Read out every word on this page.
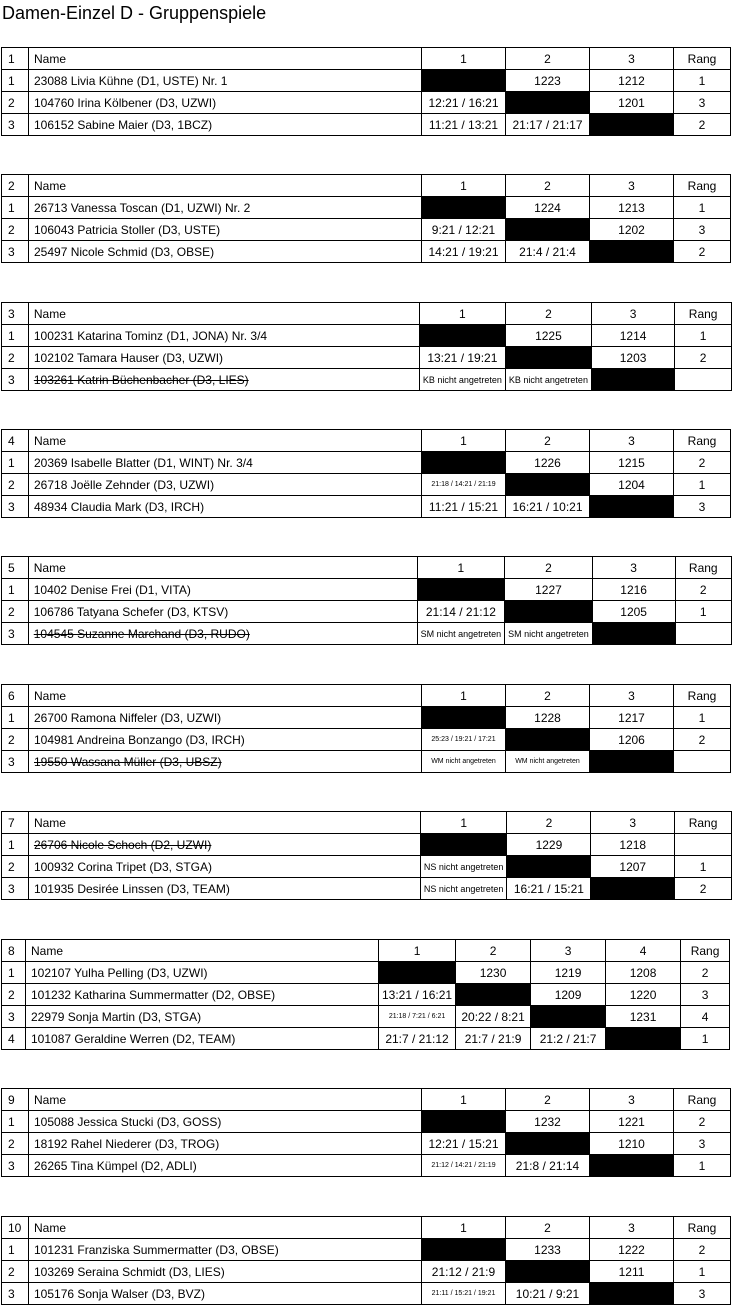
Damen-Einzel D - Gruppenspiele
1	Name	1	2	3	Rang
1	23088 Livia Kühne (D1, USTE) Nr. 1		1223	1212	1
2	104760 Irina Kölbener (D3, UZWI)	12:21 / 16:21		1201	3
3	106152 Sabine Maier (D3, 1BCZ)	11:21 / 13:21	21:17 / 21:17		2
2	Name	1	2	3	Rang
1	26713 Vanessa Toscan (D1, UZWI) Nr. 2		1224	1213	1
2	106043 Patricia Stoller (D3, USTE)	9:21 / 12:21		1202	3
3	25497 Nicole Schmid (D3, OBSE)	14:21 / 19:21	21:4 / 21:4		2
3	Name	1	2	3	Rang
1	100231 Katarina Tominz (D1, JONA) Nr. 3/4		1225	1214	1
2	102102 Tamara Hauser (D3, UZWI)	13:21 / 19:21		1203	2
3	103261 Katrin Büchenbacher (D3, LIES)	KB nicht angetreten	KB nicht angetreten		
4	Name	1	2	3	Rang
1	20369 Isabelle Blatter (D1, WINT) Nr. 3/4		1226	1215	2
2	26718 Joëlle Zehnder (D3, UZWI)	21:18 / 14:21 / 21:19		1204	1
3	48934 Claudia Mark (D3, IRCH)	11:21 / 15:21	16:21 / 10:21		3
5	Name	1	2	3	Rang
1	10402 Denise Frei (D1, VITA)		1227	1216	2
2	106786 Tatyana Schefer (D3, KTSV)	21:14 / 21:12		1205	1
3	104545 Suzanne Marchand (D3, RUDO)	SM nicht angetreten	SM nicht angetreten		
6	Name	1	2	3	Rang
1	26700 Ramona Niffeler (D3, UZWI)		1228	1217	1
2	104981 Andreina Bonzango (D3, IRCH)	25:23 / 19:21 / 17:21		1206	2
3	19550 Wassana Müller (D3, UBSZ)	WM nicht angetreten	WM nicht angetreten		
7	Name	1	2	3	Rang
1	26706 Nicole Schoch (D2, UZWI)		1229	1218	
2	100932 Corina Tripet (D3, STGA)	NS nicht angetreten		1207	1
3	101935 Desirée Linssen (D3, TEAM)	NS nicht angetreten	16:21 / 15:21		2
8	Name	1	2	3	4	Rang
1	102107 Yulha Pelling (D3, UZWI)		1230	1219	1208	2
2	101232 Katharina Summermatter (D2, OBSE)	13:21 / 16:21		1209	1220	3
3	22979 Sonja Martin (D3, STGA)	21:18 / 7:21 / 6:21	20:22 / 8:21		1231	4
4	101087 Geraldine Werren (D2, TEAM)	21:7 / 21:12	21:7 / 21:9	21:2 / 21:7		1
9	Name	1	2	3	Rang
1	105088 Jessica Stucki (D3, GOSS)		1232	1221	2
2	18192 Rahel Niederer (D3, TROG)	12:21 / 15:21		1210	3
3	26265 Tina Kümpel (D2, ADLI)	21:12 / 14:21 / 21:19	21:8 / 21:14		1
10	Name	1	2	3	Rang
1	101231 Franziska Summermatter (D3, OBSE)		1233	1222	2
2	103269 Seraina Schmidt (D3, LIES)	21:12 / 21:9		1211	1
3	105176 Sonja Walser (D3, BVZ)	21:11 / 15:21 / 19:21	10:21 / 9:21		3
